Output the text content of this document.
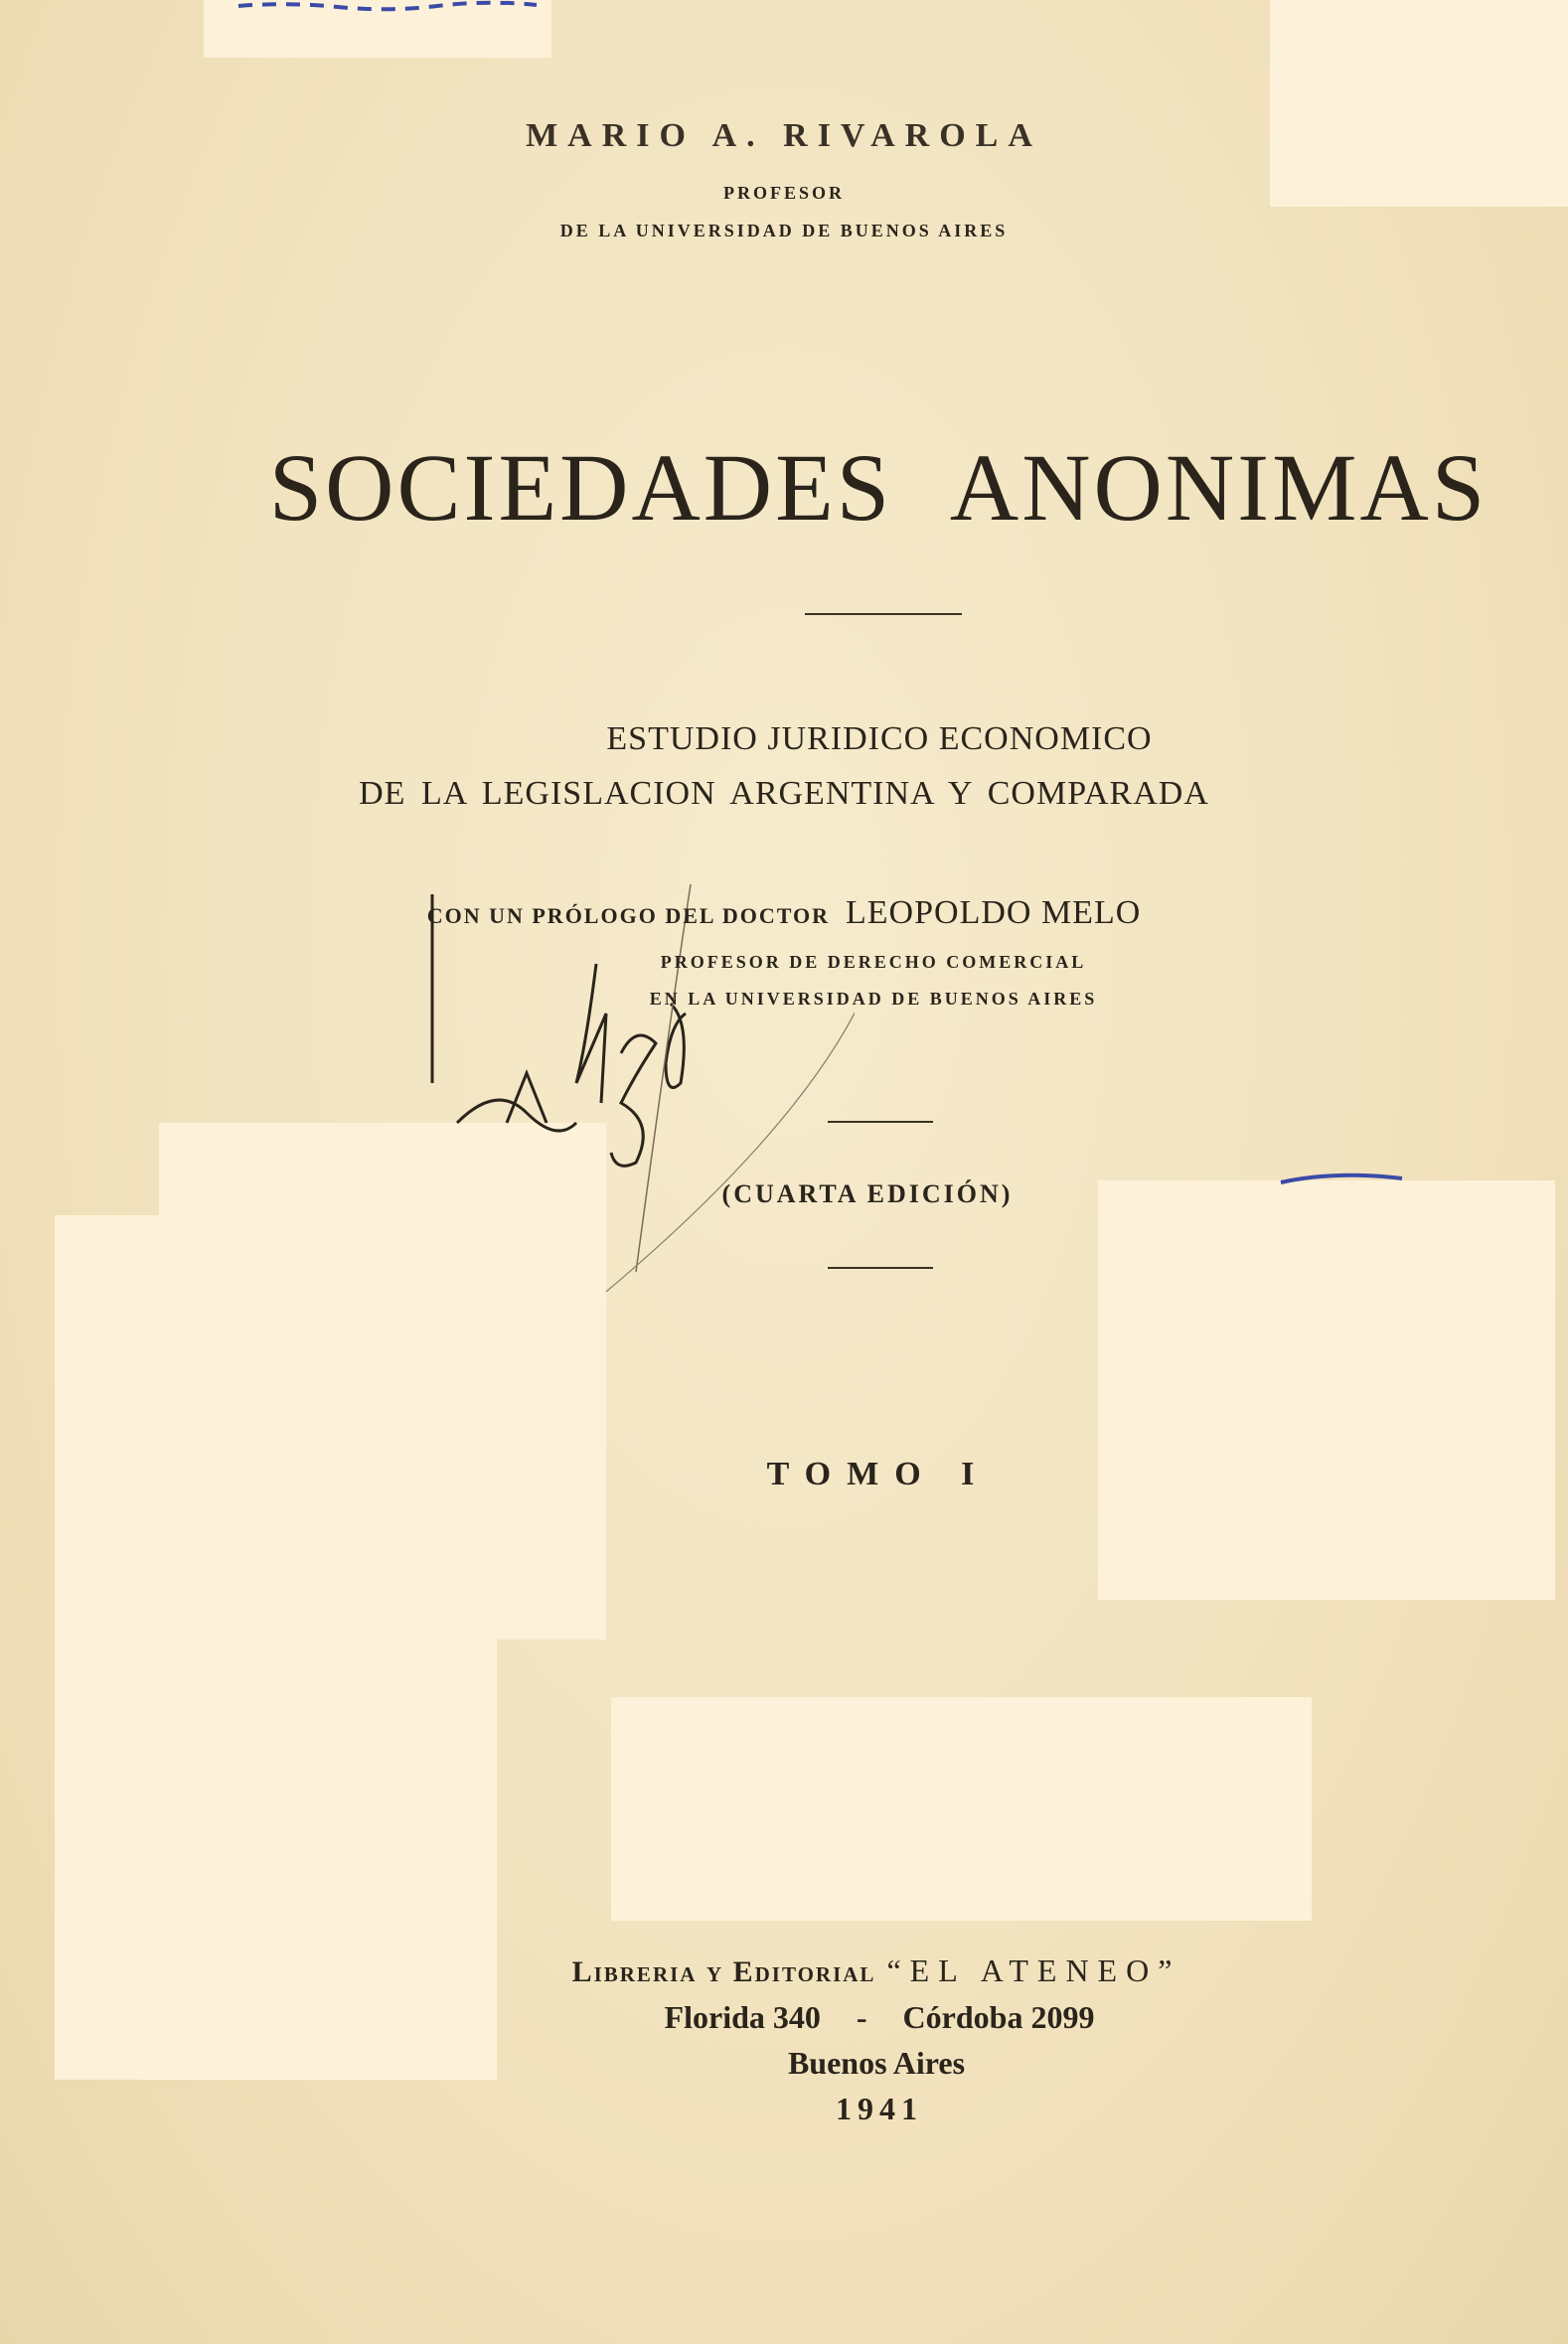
MARIO A. RIVAROLA
PROFESOR
DE LA UNIVERSIDAD DE BUENOS AIRES
SOCIEDADES ANONIMAS
ESTUDIO JURIDICO ECONOMICO
DE LA LEGISLACION ARGENTINA Y COMPARADA
CON UN PRÓLOGO DEL DOCTOR LEOPOLDO MELO
PROFESOR DE DERECHO COMERCIAL
EN LA UNIVERSIDAD DE BUENOS AIRES
(CUARTA EDICIÓN)
TOMO I
Libreria y Editorial “EL ATENEO”
Florida 340 - Córdoba 2099
Buenos Aires
1941
